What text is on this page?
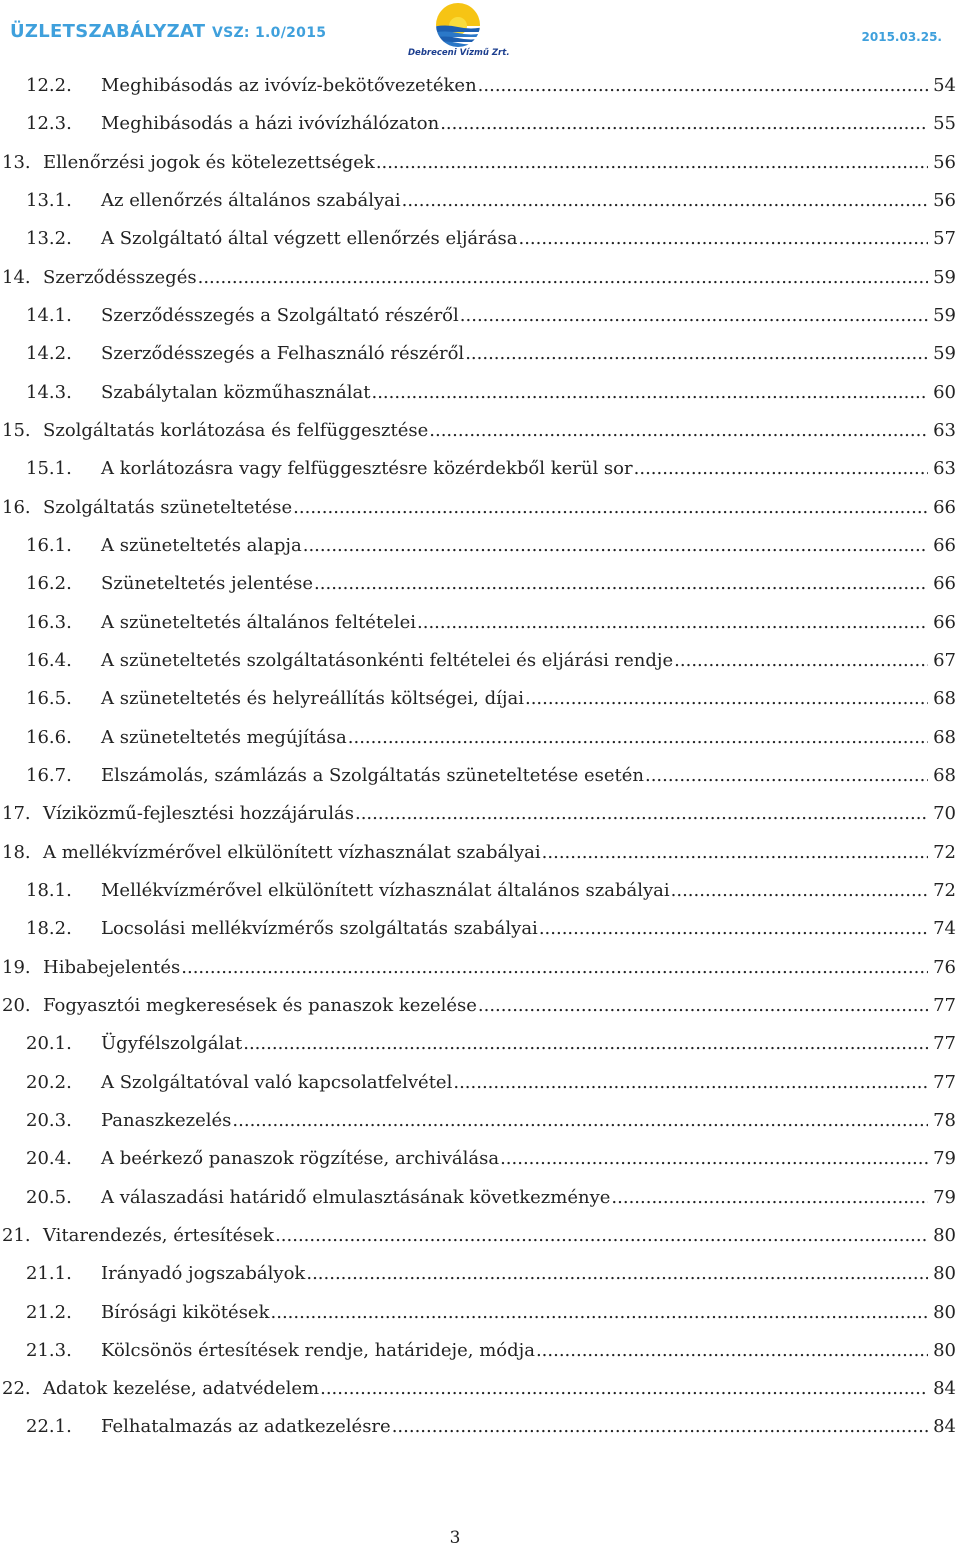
ÜZLETSZABÁLYZAT VSZ: 1.0/2015
Debreceni Vízmű Zrt.
2015.03.25.
12.2. Meghibásodás az ivóvíz-bekötővezetéken .....	54
12.3. Meghibásodás a házi ivóvízhálózaton .....	55
13. Ellenőrzési jogok és kötelezettségek .....	56
13.1. Az ellenőrzés általános szabályai .....	56
13.2. A Szolgáltató által végzett ellenőrzés eljárása .....	57
14. Szerződésszegés .....	59
14.1. Szerződésszegés a Szolgáltató részéről .....	59
14.2. Szerződésszegés a Felhasználó részéről .....	59
14.3. Szabálytalan közműhasználat .....	60
15. Szolgáltatás korlátozása és felfüggesztése .....	63
15.1. A korlátozásra vagy felfüggesztésre közérdekből kerül sor .....	63
16. Szolgáltatás szüneteltetése .....	66
16.1. A szüneteltetés alapja .....	66
16.2. Szüneteltetés jelentése .....	66
16.3. A szüneteltetés általános feltételei .....	66
16.4. A szüneteltetés szolgáltatásonkénti feltételei és eljárási rendje .....	67
16.5. A szüneteltetés és helyreállítás költségei, díjai .....	68
16.6. A szüneteltetés megújítása .....	68
16.7. Elszámolás, számlázás a Szolgáltatás szüneteltetése esetén .....	68
17. Víziközmű-fejlesztési hozzájárulás .....	70
18. A mellékvízmérővel elkülönített vízhasználat szabályai .....	72
18.1. Mellékvízmérővel elkülönített vízhasználat általános szabályai .....	72
18.2. Locsolási mellékvízmérős szolgáltatás szabályai .....	74
19. Hibabejelentés .....	76
20. Fogyasztói megkeresések és panaszok kezelése .....	77
20.1. Ügyfélszolgálat .....	77
20.2. A Szolgáltatóval való kapcsolatfelvétel .....	77
20.3. Panaszkezelés .....	78
20.4. A beérkező panaszok rögzítése, archiválása .....	79
20.5. A válaszadási határidő elmulasztásának következménye .....	79
21. Vitarendezés, értesítések .....	80
21.1. Irányadó jogszabályok .....	80
21.2. Bírósági kikötések .....	80
21.3. Kölcsönös értesítések rendje, határideje, módja .....	80
22. Adatok kezelése, adatvédelem .....	84
22.1. Felhatalmazás az adatkezelésre .....	84
3
